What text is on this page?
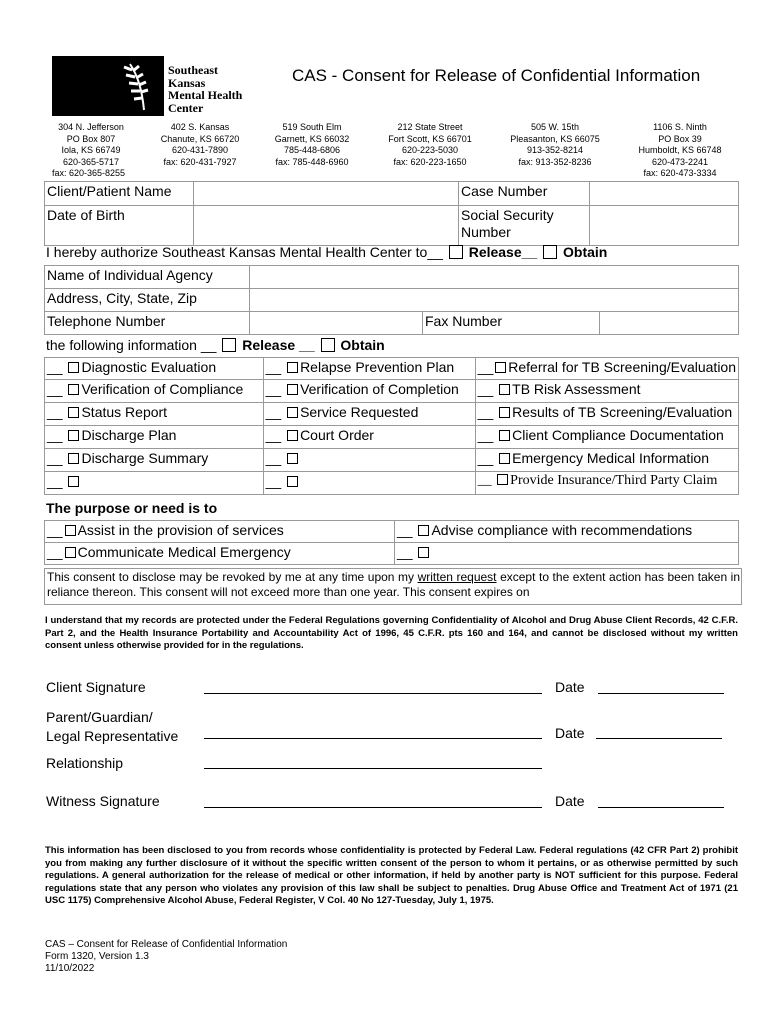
Southeast
Kansas
Mental Health
Center
CAS - Consent for Release of Confidential Information
304 N. Jefferson
PO Box 807
Iola, KS 66749
620-365-5717
fax: 620-365-8255
402 S. Kansas
Chanute, KS 66720
620-431-7890
fax: 620-431-7927
519 South Elm
Garnett, KS 66032
785-448-6806
fax: 785-448-6960
212 State Street
Fort Scott, KS 66701
620-223-5030
fax: 620-223-1650
505 W. 15th
Pleasanton, KS 66075
913-352-8214
fax: 913-352-8236
1106 S. Ninth
PO Box 39
Humboldt, KS 66748
620-473-2241
fax: 620-473-3334
Client/Patient Name		Case Number	
Date of Birth		Social Security Number	
I hereby authorize Southeast Kansas Mental Health Center to__ Release__ Obtain
Name of Individual Agency			
Address, City, State, Zip			
Telephone Number		Fax Number	
the following information __ Release __ Obtain
__ Diagnostic Evaluation	__ Relapse Prevention Plan	__ Referral for TB Screening/Evaluation
__ Verification of Compliance	__ Verification of Completion	__ TB Risk Assessment
__ Status Report	__ Service Requested	__ Results of TB Screening/Evaluation
__ Discharge Plan	__ Court Order	__ Client Compliance Documentation
__ Discharge Summary	__	__ Emergency Medical Information
__	__	__ Provide Insurance/Third Party Claim
The purpose or need is to
__ Assist in the provision of services	__ Advise compliance with recommendations
__ Communicate Medical Emergency	__
This consent to disclose may be revoked by me at any time upon my written request except to the extent action has been taken in reliance thereon. This consent will not exceed more than one year. This consent expires on
I understand that my records are protected under the Federal Regulations governing Confidentiality of Alcohol and Drug Abuse Client Records, 42 C.F.R. Part 2, and the Health Insurance Portability and Accountability Act of 1996, 45 C.F.R. pts 160 and 164, and cannot be disclosed without my written consent unless otherwise provided for in the regulations.
Client Signature	Date
Parent/Guardian/
Legal Representative	Date
Relationship
Witness Signature	Date
This information has been disclosed to you from records whose confidentiality is protected by Federal Law. Federal regulations (42 CFR Part 2) prohibit you from making any further disclosure of it without the specific written consent of the person to whom it pertains, or as otherwise permitted by such regulations. A general authorization for the release of medical or other information, if held by another party is NOT sufficient for this purpose. Federal regulations state that any person who violates any provision of this law shall be subject to penalties. Drug Abuse Office and Treatment Act of 1971 (21 USC 1175) Comprehensive Alcohol Abuse, Federal Register, V Col. 40 No 127-Tuesday, July 1, 1975.
CAS – Consent for Release of Confidential Information
Form 1320, Version 1.3
11/10/2022
